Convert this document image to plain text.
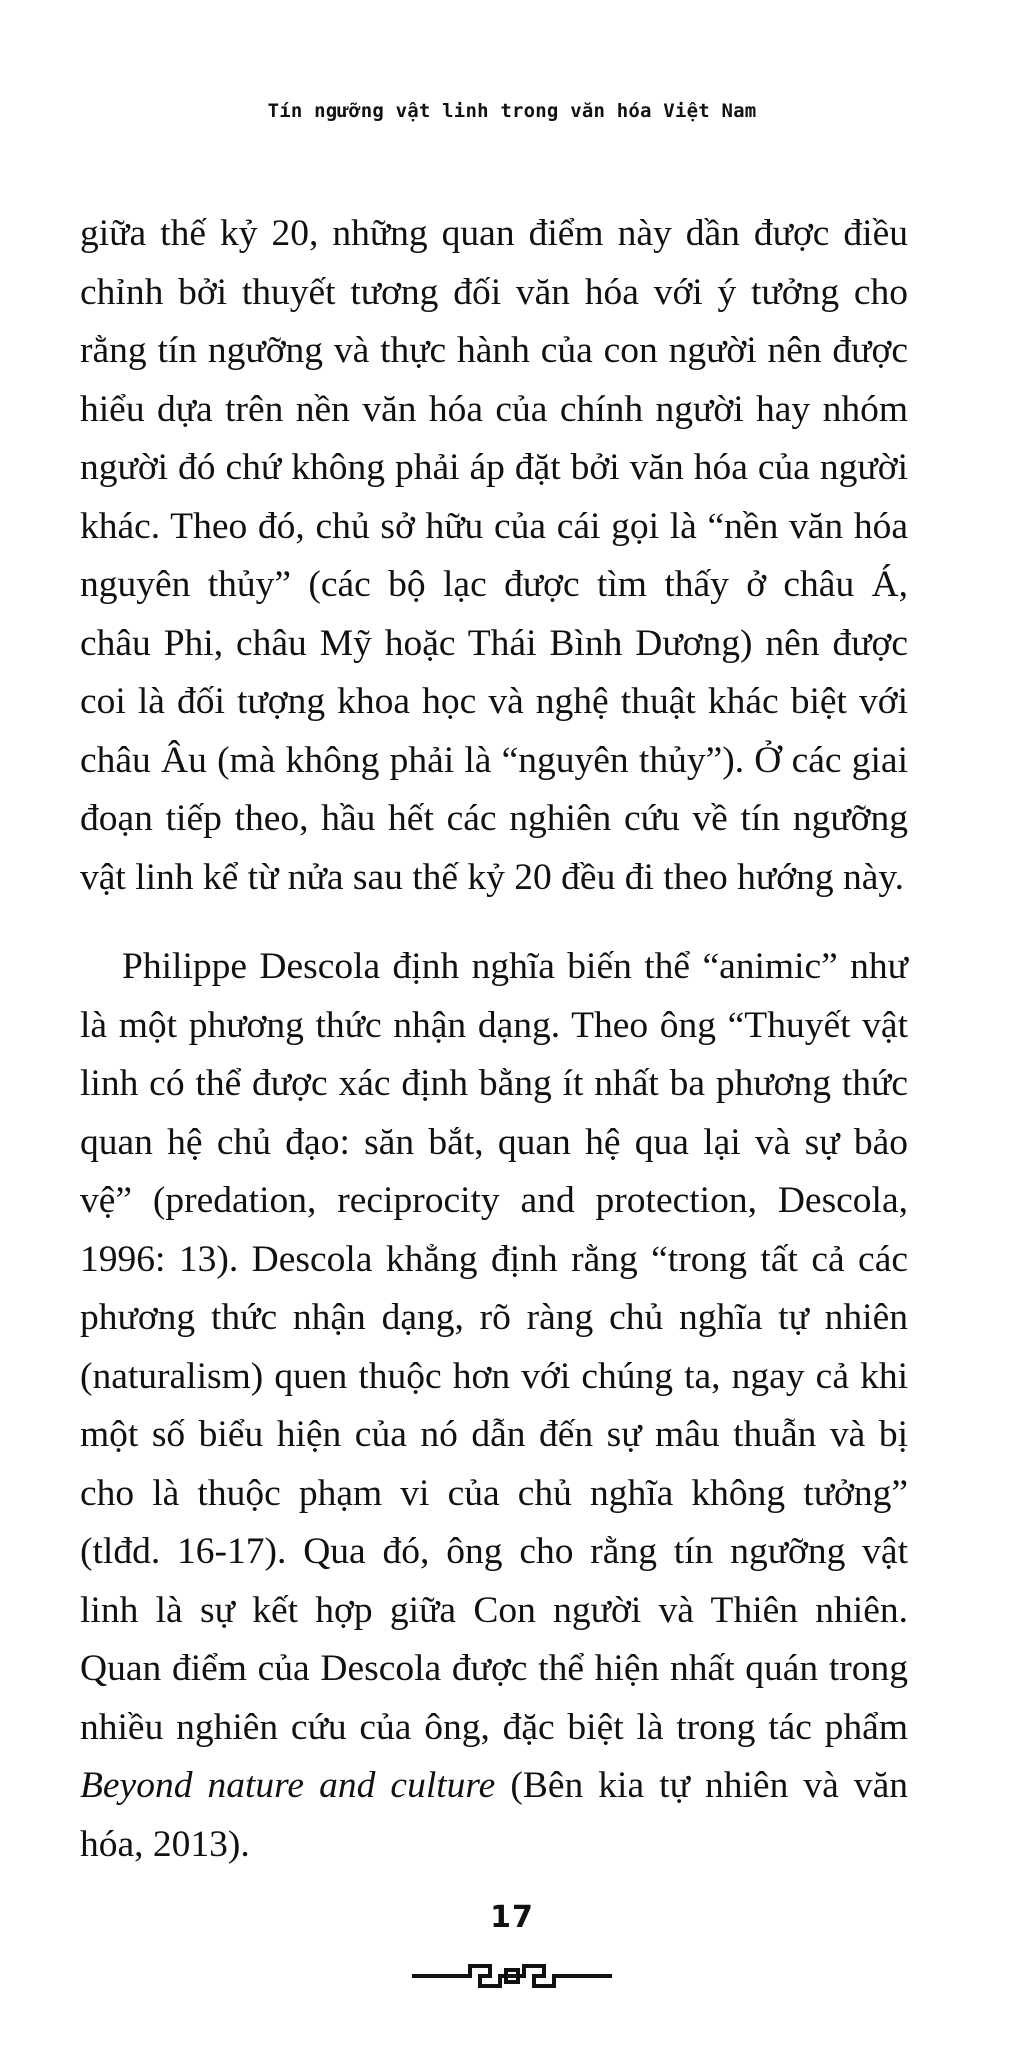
Tín ngưỡng vật linh trong văn hóa Việt Nam

giữa thế kỷ 20, những quan điểm này dần được điều chỉnh bởi thuyết tương đối văn hóa với ý tưởng cho rằng tín ngưỡng và thực hành của con người nên được hiểu dựa trên nền văn hóa của chính người hay nhóm người đó chứ không phải áp đặt bởi văn hóa của người khác. Theo đó, chủ sở hữu của cái gọi là “nền văn hóa nguyên thủy” (các bộ lạc được tìm thấy ở châu Á, châu Phi, châu Mỹ hoặc Thái Bình Dương) nên được coi là đối tượng khoa học và nghệ thuật khác biệt với châu Âu (mà không phải là “nguyên thủy”). Ở các giai đoạn tiếp theo, hầu hết các nghiên cứu về tín ngưỡng vật linh kể từ nửa sau thế kỷ 20 đều đi theo hướng này.

Philippe Descola định nghĩa biến thể “animic” như là một phương thức nhận dạng. Theo ông “Thuyết vật linh có thể được xác định bằng ít nhất ba phương thức quan hệ chủ đạo: săn bắt, quan hệ qua lại và sự bảo vệ” (predation, reciprocity and protection, Descola, 1996: 13). Descola khẳng định rằng “trong tất cả các phương thức nhận dạng, rõ ràng chủ nghĩa tự nhiên (naturalism) quen thuộc hơn với chúng ta, ngay cả khi một số biểu hiện của nó dẫn đến sự mâu thuẫn và bị cho là thuộc phạm vi của chủ nghĩa không tưởng” (tlđd. 16-17). Qua đó, ông cho rằng tín ngưỡng vật linh là sự kết hợp giữa Con người và Thiên nhiên. Quan điểm của Descola được thể hiện nhất quán trong nhiều nghiên cứu của ông, đặc biệt là trong tác phẩm Beyond nature and culture (Bên kia tự nhiên và văn hóa, 2013).

17
